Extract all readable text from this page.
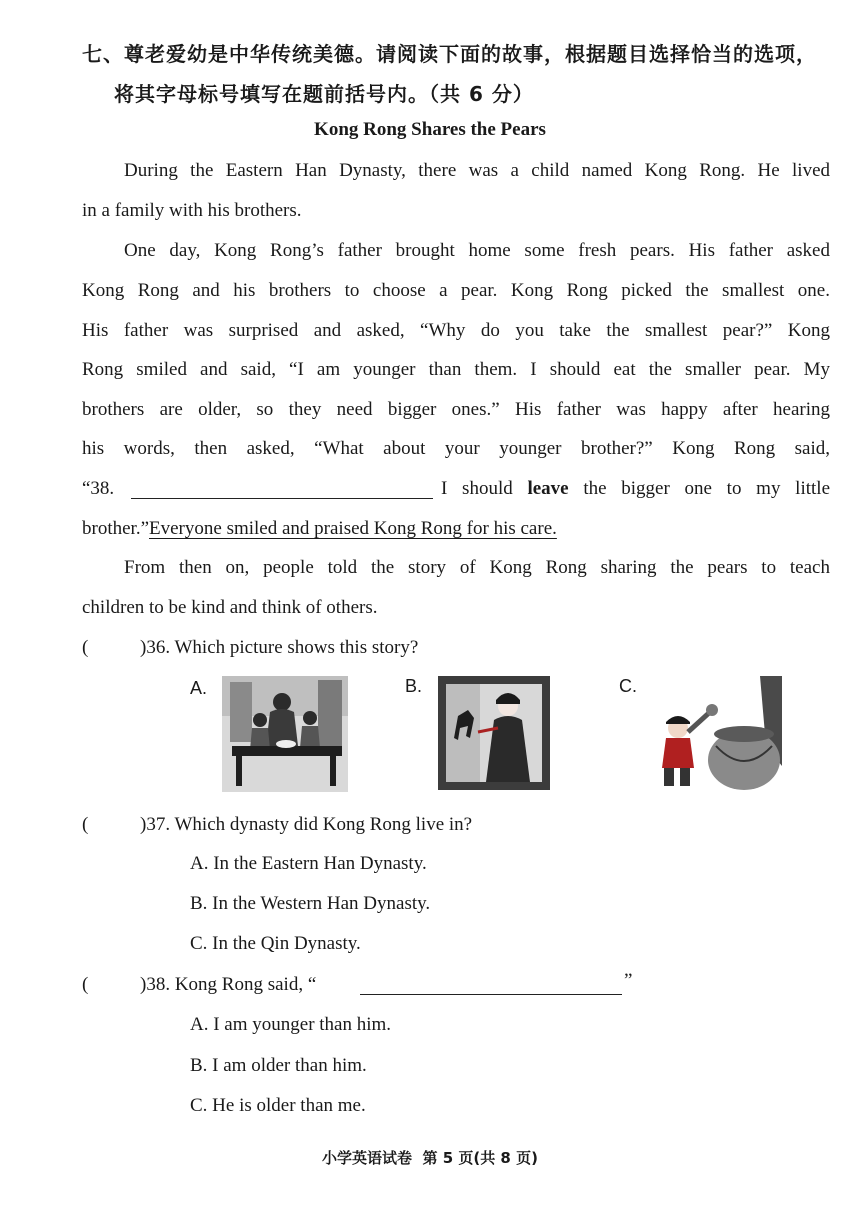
七、尊老爱幼是中华传统美德。请阅读下面的故事，根据题目选择恰当的选项，
将其字母标号填写在题前括号内。（共 6 分）
Kong Rong Shares the Pears
During the Eastern Han Dynasty, there was a child named Kong Rong. He lived
in a family with his brothers.
One day, Kong Rong’s father brought home some fresh pears. His father asked
Kong Rong and his brothers to choose a pear. Kong Rong picked the smallest one.
His father was surprised and asked, “Why do you take the smallest pear?” Kong
Rong smiled and said, “I am younger than them. I should eat the smaller pear. My
brothers are older, so they need bigger ones.” His father was happy after hearing
his words, then asked, “What about your younger brother?” Kong Rong said,
“38.	I should leave the bigger one to my little
brother.”Everyone smiled and praised Kong Rong for his care.
From then on, people told the story of Kong Rong sharing the pears to teach
children to be kind and think of others.
(	)36. Which picture shows this story?
A.	B.	C.
(	)37. Which dynasty did Kong Rong live in?
A. In the Eastern Han Dynasty.
B. In the Western Han Dynasty.
C. In the Qin Dynasty.
(	)38. Kong Rong said, “	”
A. I am younger than him.
B. I am older than him.
C. He is older than me.
小学英语试卷  第 5 页(共 8 页)
